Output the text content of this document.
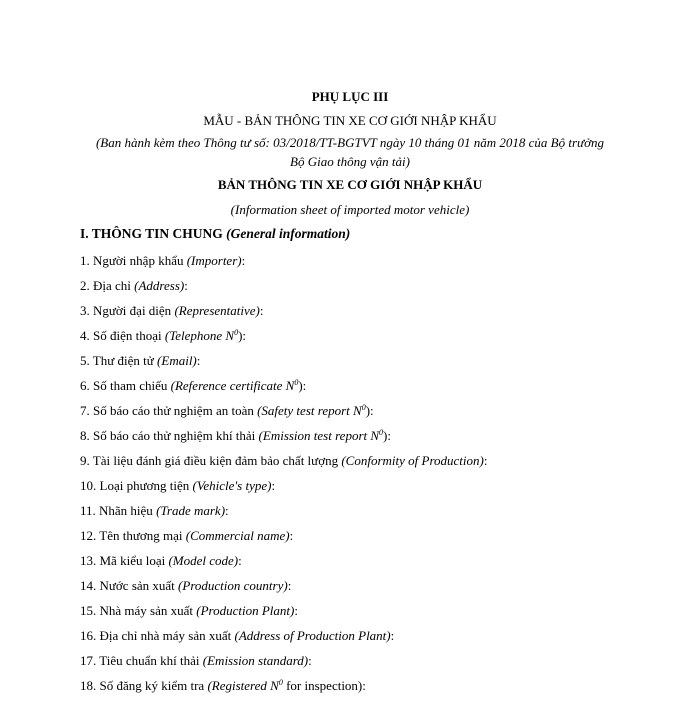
PHỤ LỤC III
MẪU - BẢN THÔNG TIN XE CƠ GIỚI NHẬP KHẨU
(Ban hành kèm theo Thông tư số: 03/2018/TT-BGTVT ngày 10 tháng 01 năm 2018 của Bộ trưởng Bộ Giao thông vận tải)
BẢN THÔNG TIN XE CƠ GIỚI NHẬP KHẨU
(Information sheet of imported motor vehicle)
I. THÔNG TIN CHUNG (General information)
1. Người nhập khẩu (Importer):
2. Địa chỉ (Address):
3. Người đại diện (Representative):
4. Số điện thoại (Telephone $N^0$):
5. Thư điện tử (Email):
6. Số tham chiếu (Reference certificate $N^0$):
7. Số báo cáo thử nghiệm an toàn (Safety test report $N^0$):
8. Số báo cáo thử nghiệm khí thải (Emission test report $N^0$):
9. Tài liệu đánh giá điều kiện đảm bảo chất lượng (Conformity of Production):
10. Loại phương tiện (Vehicle's type):
11. Nhãn hiệu (Trade mark):
12. Tên thương mại (Commercial name):
13. Mã kiểu loại (Model code):
14. Nước sản xuất (Production country):
15. Nhà máy sản xuất (Production Plant):
16. Địa chỉ nhà máy sản xuất (Address of Production Plant):
17. Tiêu chuẩn khí thải (Emission standard):
18. Số đăng ký kiểm tra (Registered $N^0$ for inspection):
